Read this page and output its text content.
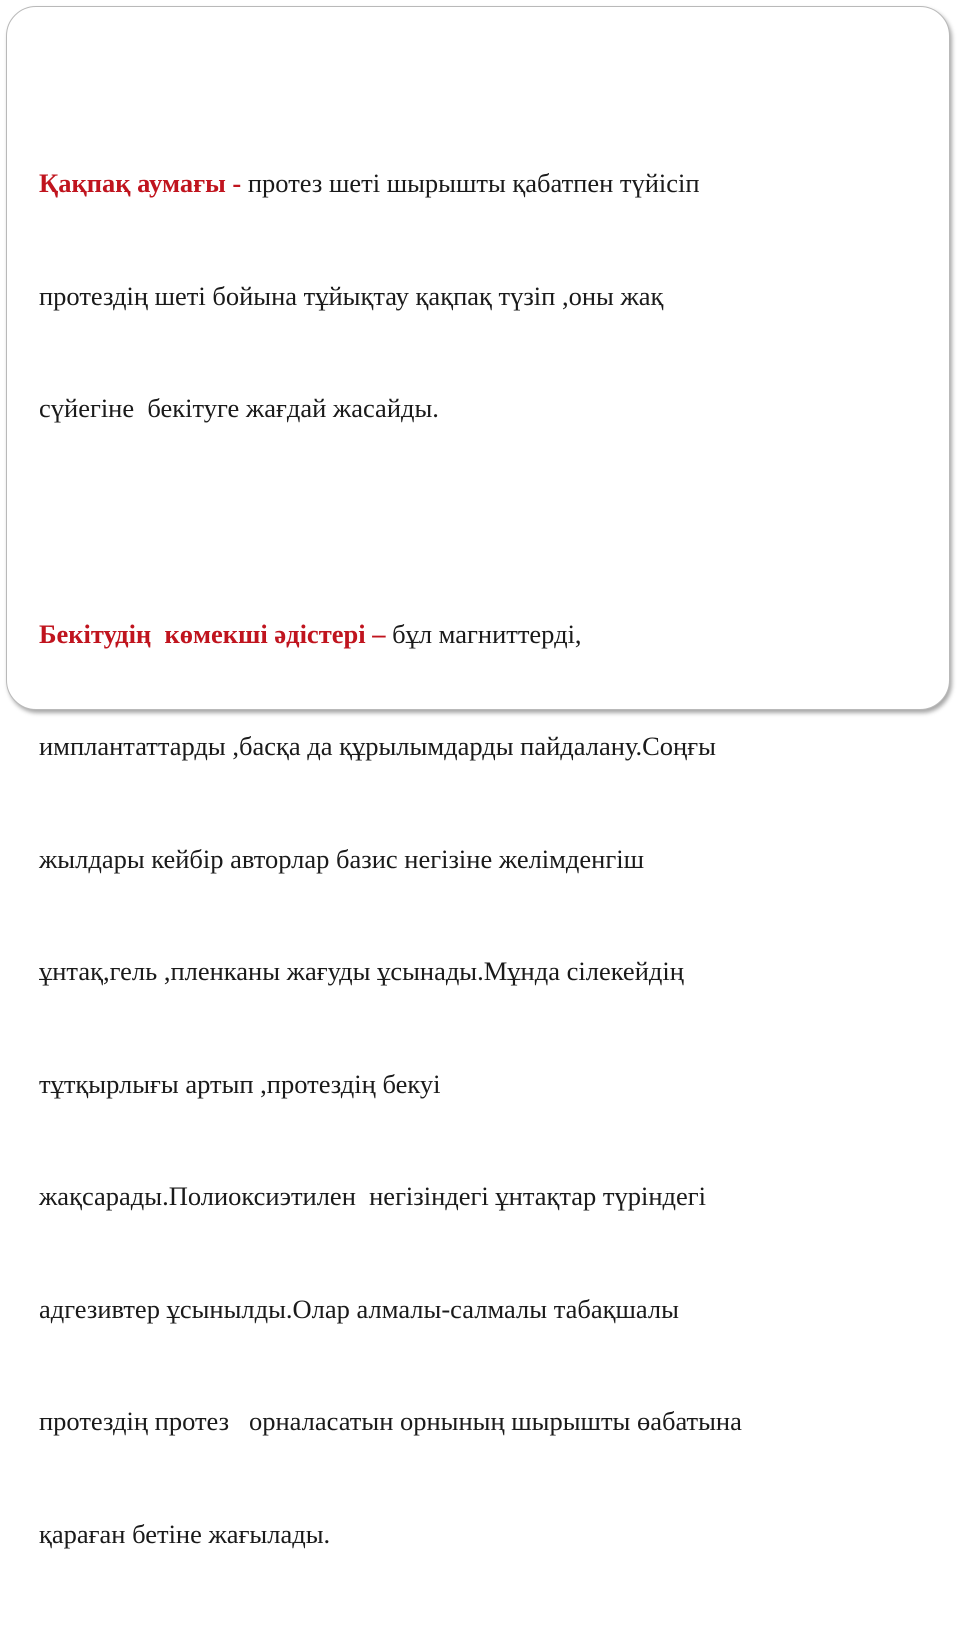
Қақпақ аумағы - протез шеті шырышты қабатпен түйісіп

протездің шеті бойына тұйықтау қақпақ түзіп ,оны жақ

сүйегіне  бекітуге жағдай жасайды.

Бекітудің  көмекші әдістері – бұл магниттерді,

имплантаттарды ,басқа да құрылымдарды пайдалану.Соңғы

жылдары кейбір авторлар базис негізіне желімденгіш

ұнтақ,гель ,пленканы жағуды ұсынады.Мұнда сілекейдің

тұтқырлығы артып ,протездің бекуі

жақсарады.Полиоксиэтилен  негізіндегі ұнтақтар түріндегі

адгезивтер ұсынылды.Олар алмалы-салмалы табақшалы

протездің протез   орналасатын орнының шырышты өабатына

қараған бетіне жағылады.
